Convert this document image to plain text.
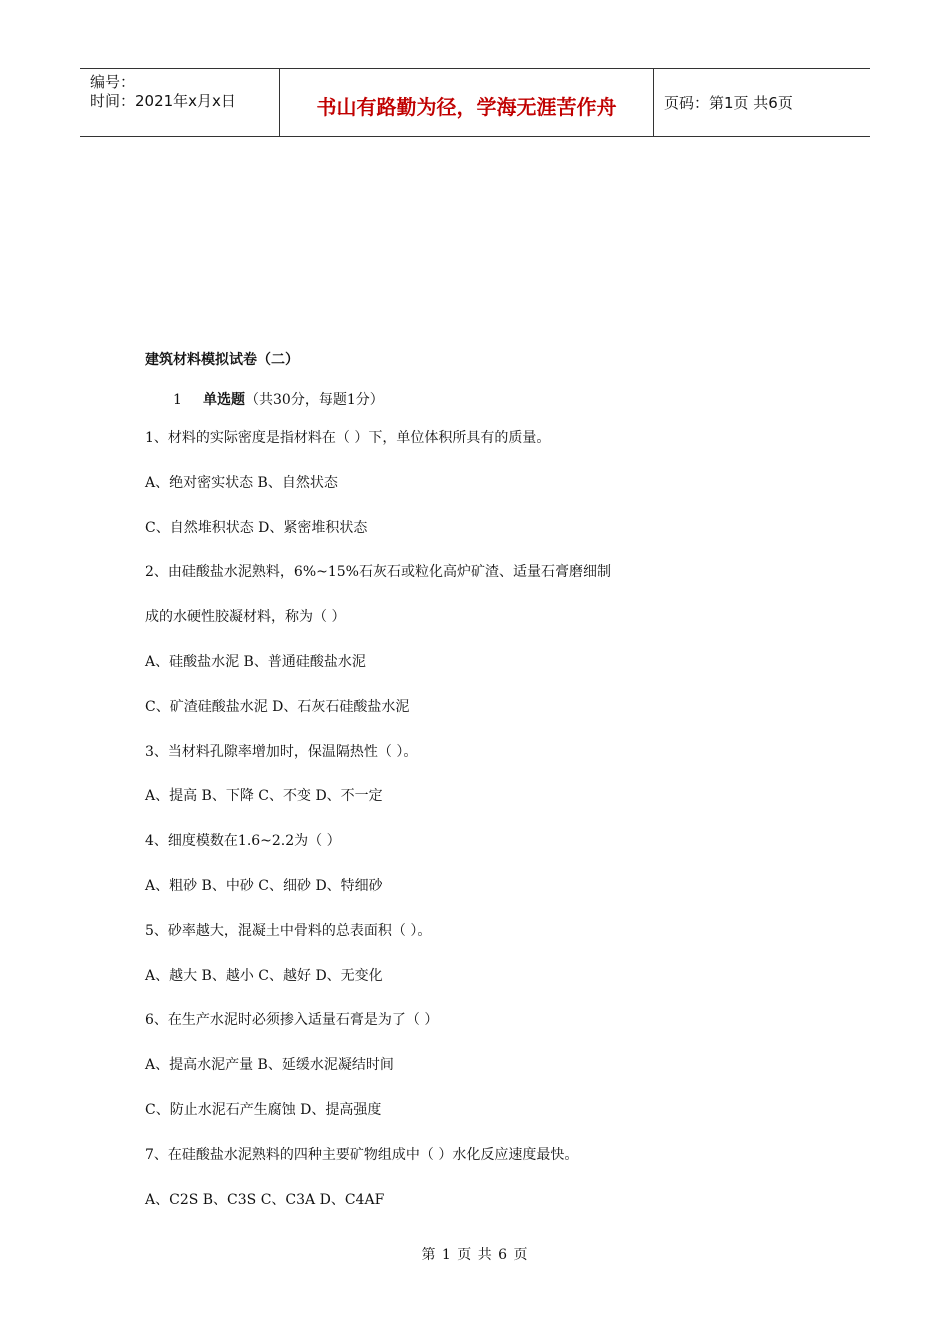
编号：
时间：2021年x月x日	书山有路勤为径，学海无涯苦作舟	页码：第1页 共6页
建筑材料模拟试卷（二）
1 单选题（共30分，每题1分）
1、材料的实际密度是指材料在（ ）下，单位体积所具有的质量。
A、绝对密实状态 B、自然状态
C、自然堆积状态 D、紧密堆积状态
2、由硅酸盐水泥熟料，6%~15%石灰石或粒化高炉矿渣、适量石膏磨细制
成的水硬性胶凝材料，称为（ ）
A、硅酸盐水泥 B、普通硅酸盐水泥
C、矿渣硅酸盐水泥 D、石灰石硅酸盐水泥
3、当材料孔隙率增加时，保温隔热性（ ）。
A、提高 B、下降 C、不变 D、不一定
4、细度模数在1.6~2.2为（ ）
A、粗砂 B、中砂 C、细砂 D、特细砂
5、砂率越大，混凝土中骨料的总表面积（ ）。
A、越大 B、越小 C、越好 D、无变化
6、在生产水泥时必须掺入适量石膏是为了（ ）
A、提高水泥产量 B、延缓水泥凝结时间
C、防止水泥石产生腐蚀 D、提高强度
7、在硅酸盐水泥熟料的四种主要矿物组成中（ ）水化反应速度最快。
A、C2S B、C3S C、C3A D、C4AF
第 1 页 共 6 页
